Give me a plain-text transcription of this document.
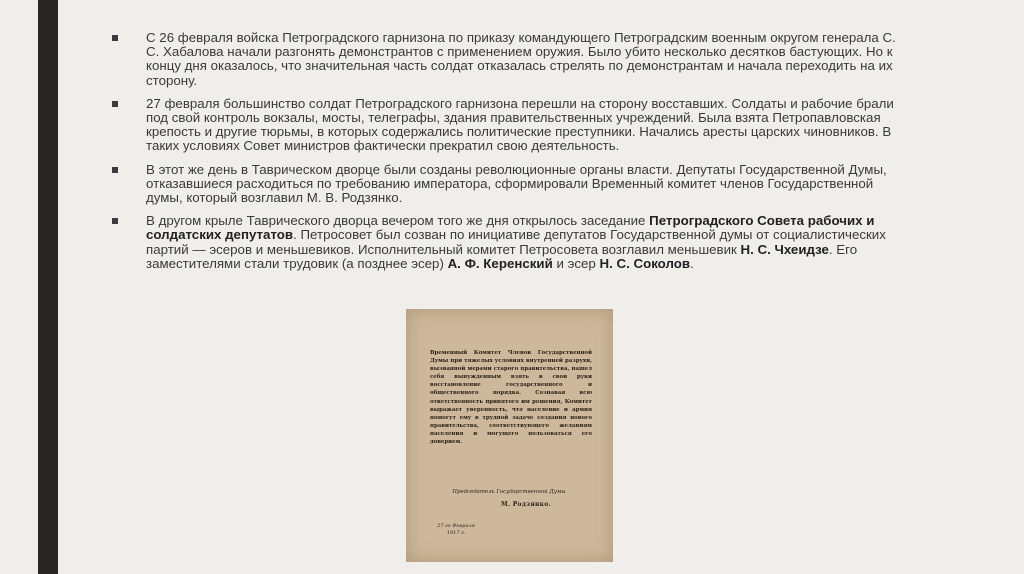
С 26 февраля войска Петроградского гарнизона по приказу командующего Петроградским военным округом генерала С. С. Хабалова начали разгонять демонстрантов с применением оружия. Было убито несколько десятков бастующих. Но к концу дня оказалось, что значительная часть солдат отказалась стрелять по демонстрантам и начала переходить на их сторону.
27 февраля большинство солдат Петроградского гарнизона перешли на сторону восставших. Солдаты и рабочие брали под свой контроль вокзалы, мосты, телеграфы, здания правительственных учреждений. Была взята Петропавловская крепость и другие тюрьмы, в которых содержались политические преступники. Начались аресты царских чиновников. В таких условиях Совет министров фактически прекратил свою деятельность.
В этот же день в Таврическом дворце были созданы революционные органы власти. Депутаты Государственной Думы, отказавшиеся расходиться по требованию императора, сформировали Временный комитет членов Государственной думы, который возглавил М. В. Родзянко.
В другом крыле Таврического дворца вечером того же дня открылось заседание Петроградского Совета рабочих и солдатских депутатов. Петросовет был созван по инициативе депутатов Государственной думы от социалистических партий — эсеров и меньшевиков. Исполнительный комитет Петросовета возглавил меньшевик Н. С. Чхеидзе. Его заместителями стали трудовик (а позднее эсер) А. Ф. Керенский и эсер Н. С. Соколов.
Временный Комитет Членов Государственной Думы при тяжелых условиях внутренней разрухи, вызванной мерами старого правительства, нашел себя вынужденным взять в свои руки восстановление государственного и общественного порядка. Сознавая всю ответственность принятого им решения, Комитет выражает уверенность, что население и армия помогут ему в трудной задаче создания нового правительства, соответствующего желаниям населения и могущего пользоваться его доверием.
Председатель Государственной Думы
М. Родзянко.
27-го Февраля
1917 г.
